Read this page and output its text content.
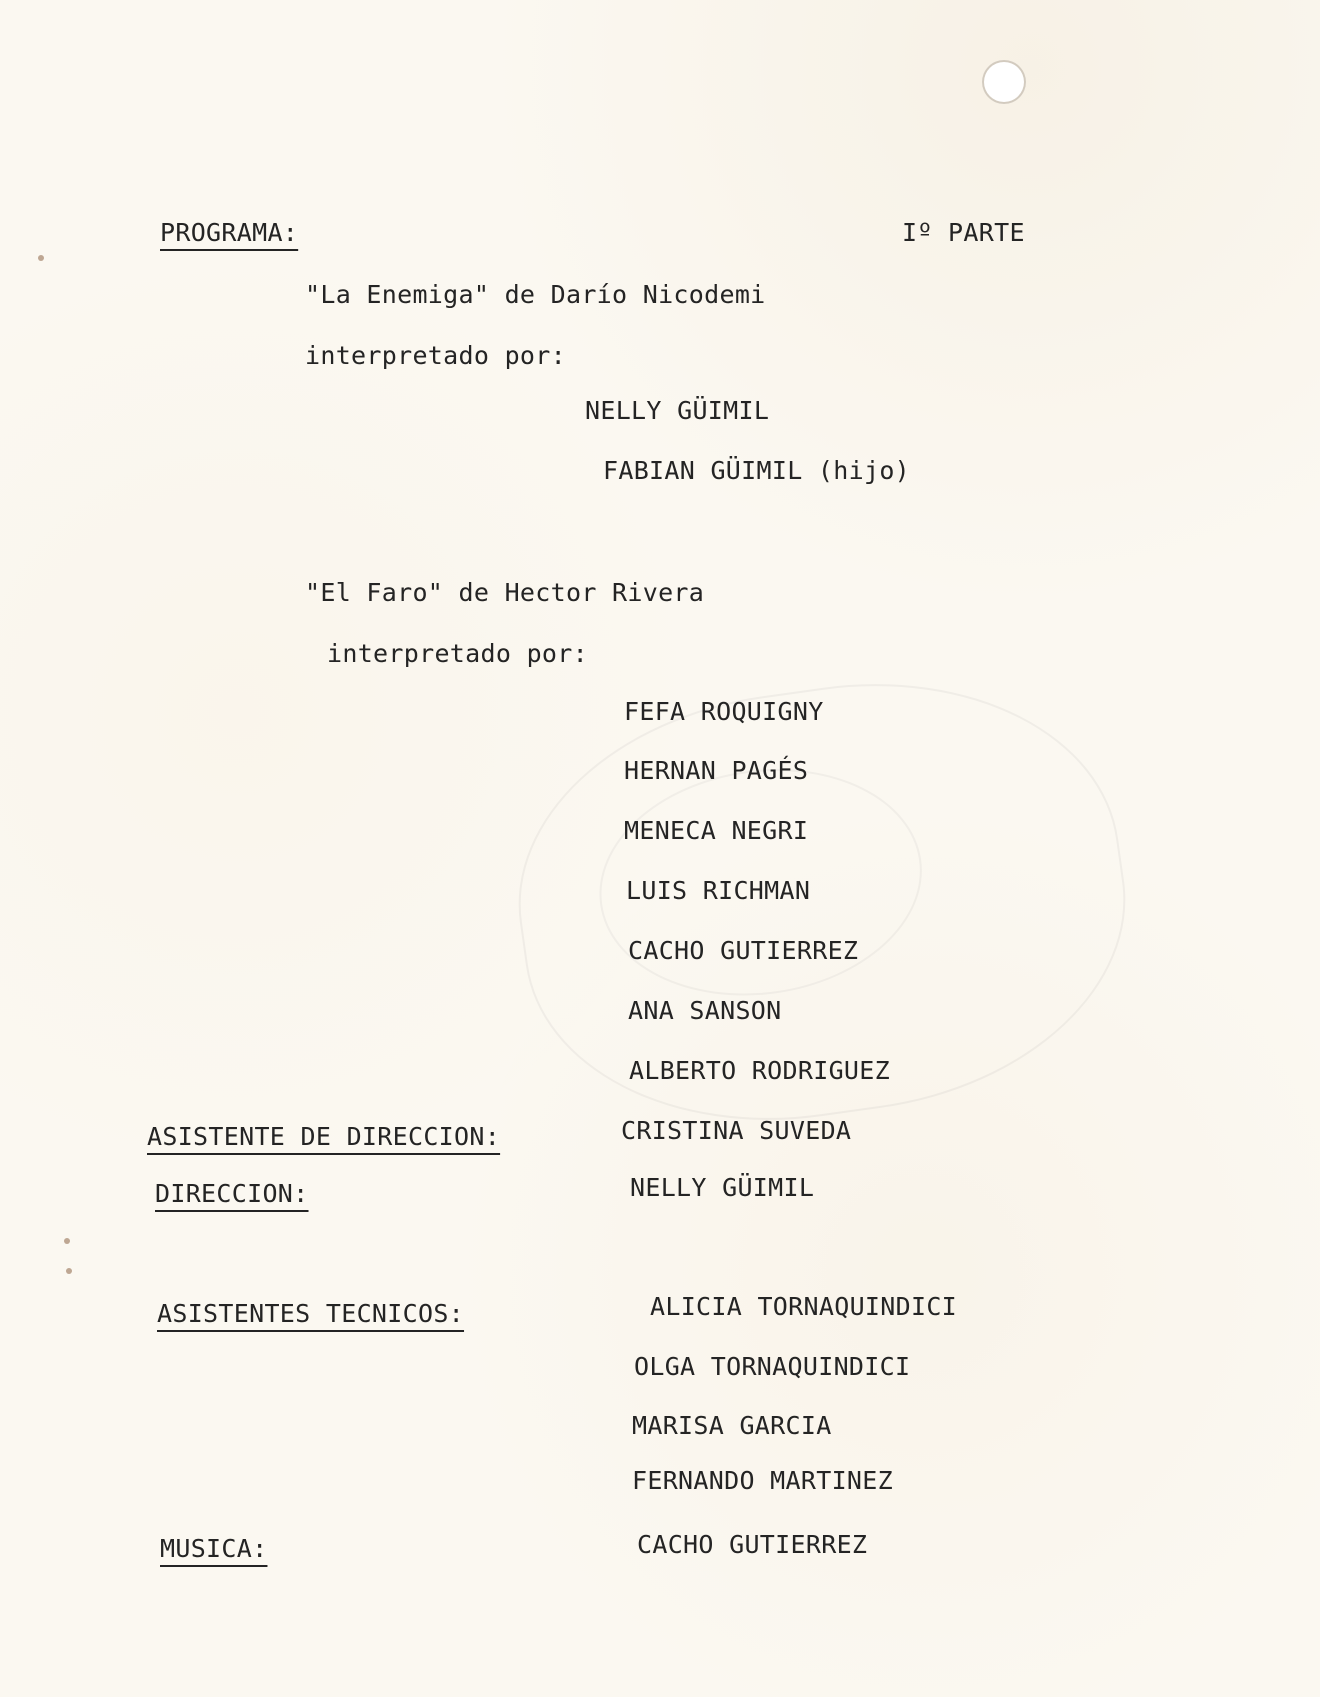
PROGRAMA:	Iº PARTE
"La Enemiga" de Darío Nicodemi
interpretado por:
NELLY GÜIMIL
FABIAN GÜIMIL (hijo)
"El Faro" de Hector Rivera
interpretado por:
FEFA ROQUIGNY
HERNAN PAGÉS
MENECA NEGRI
LUIS RICHMAN
CACHO GUTIERREZ
ANA SANSON
ALBERTO RODRIGUEZ
ASISTENTE DE DIRECCION:	CRISTINA SUVEDA
DIRECCION:	NELLY GÜIMIL
ASISTENTES TECNICOS:	ALICIA TORNAQUINDICI
OLGA TORNAQUINDICI
MARISA GARCIA
FERNANDO MARTINEZ
MUSICA:	CACHO GUTIERREZ
